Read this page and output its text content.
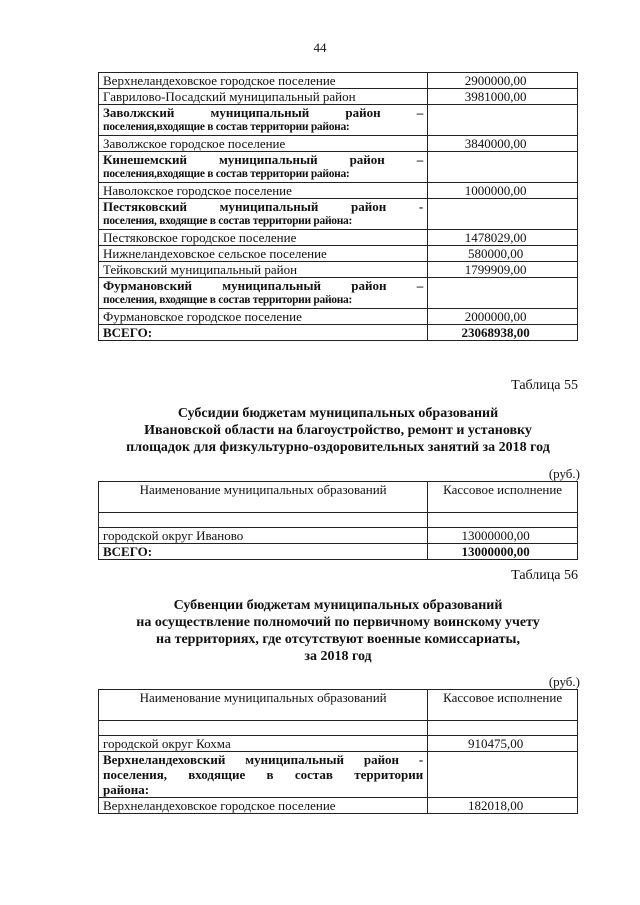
44
Верхнеландеховское городское поселение	2900000,00
Гаврилово-Посадский муниципальный район	3981000,00

Заволжский муниципальный район –
поселения,входящие в состав территории района:	

Заволжское городское поселение	3840000,00

Кинешемский муниципальный район –
поселения,входящие в состав территории района:	

Наволокское городское поселение	1000000,00

Пестяковский муниципальный район -
поселения, входящие в состав территории района:	

Пестяковское городское поселение	1478029,00
Нижнеландеховское сельское поселение	580000,00
Тейковский муниципальный район	1799909,00

Фурмановский муниципальный район –
поселения, входящие в состав территории района:	

Фурмановское городское поселение	2000000,00
ВСЕГО:	23068938,00
Таблица 55
Субсидии бюджетам муниципальных образований
Ивановской области на благоустройство, ремонт и установку
площадок для физкультурно-оздоровительных занятий за 2018 год
(руб.)
Наименование муниципальных образований	Кассовое исполнение

городской округ Иваново	13000000,00
ВСЕГО:	13000000,00
Таблица 56
Субвенции бюджетам муниципальных образований
на осуществление полномочий по первичному воинскому учету
на территориях, где отсутствуют военные комиссариаты,
за 2018 год
(руб.)
Наименование муниципальных образований	Кассовое исполнение

городской округ Кохма	910475,00

Верхнеландеховский муниципальный район -
поселения, входящие в состав территории
района:	

Верхнеландеховское городское поселение	182018,00
